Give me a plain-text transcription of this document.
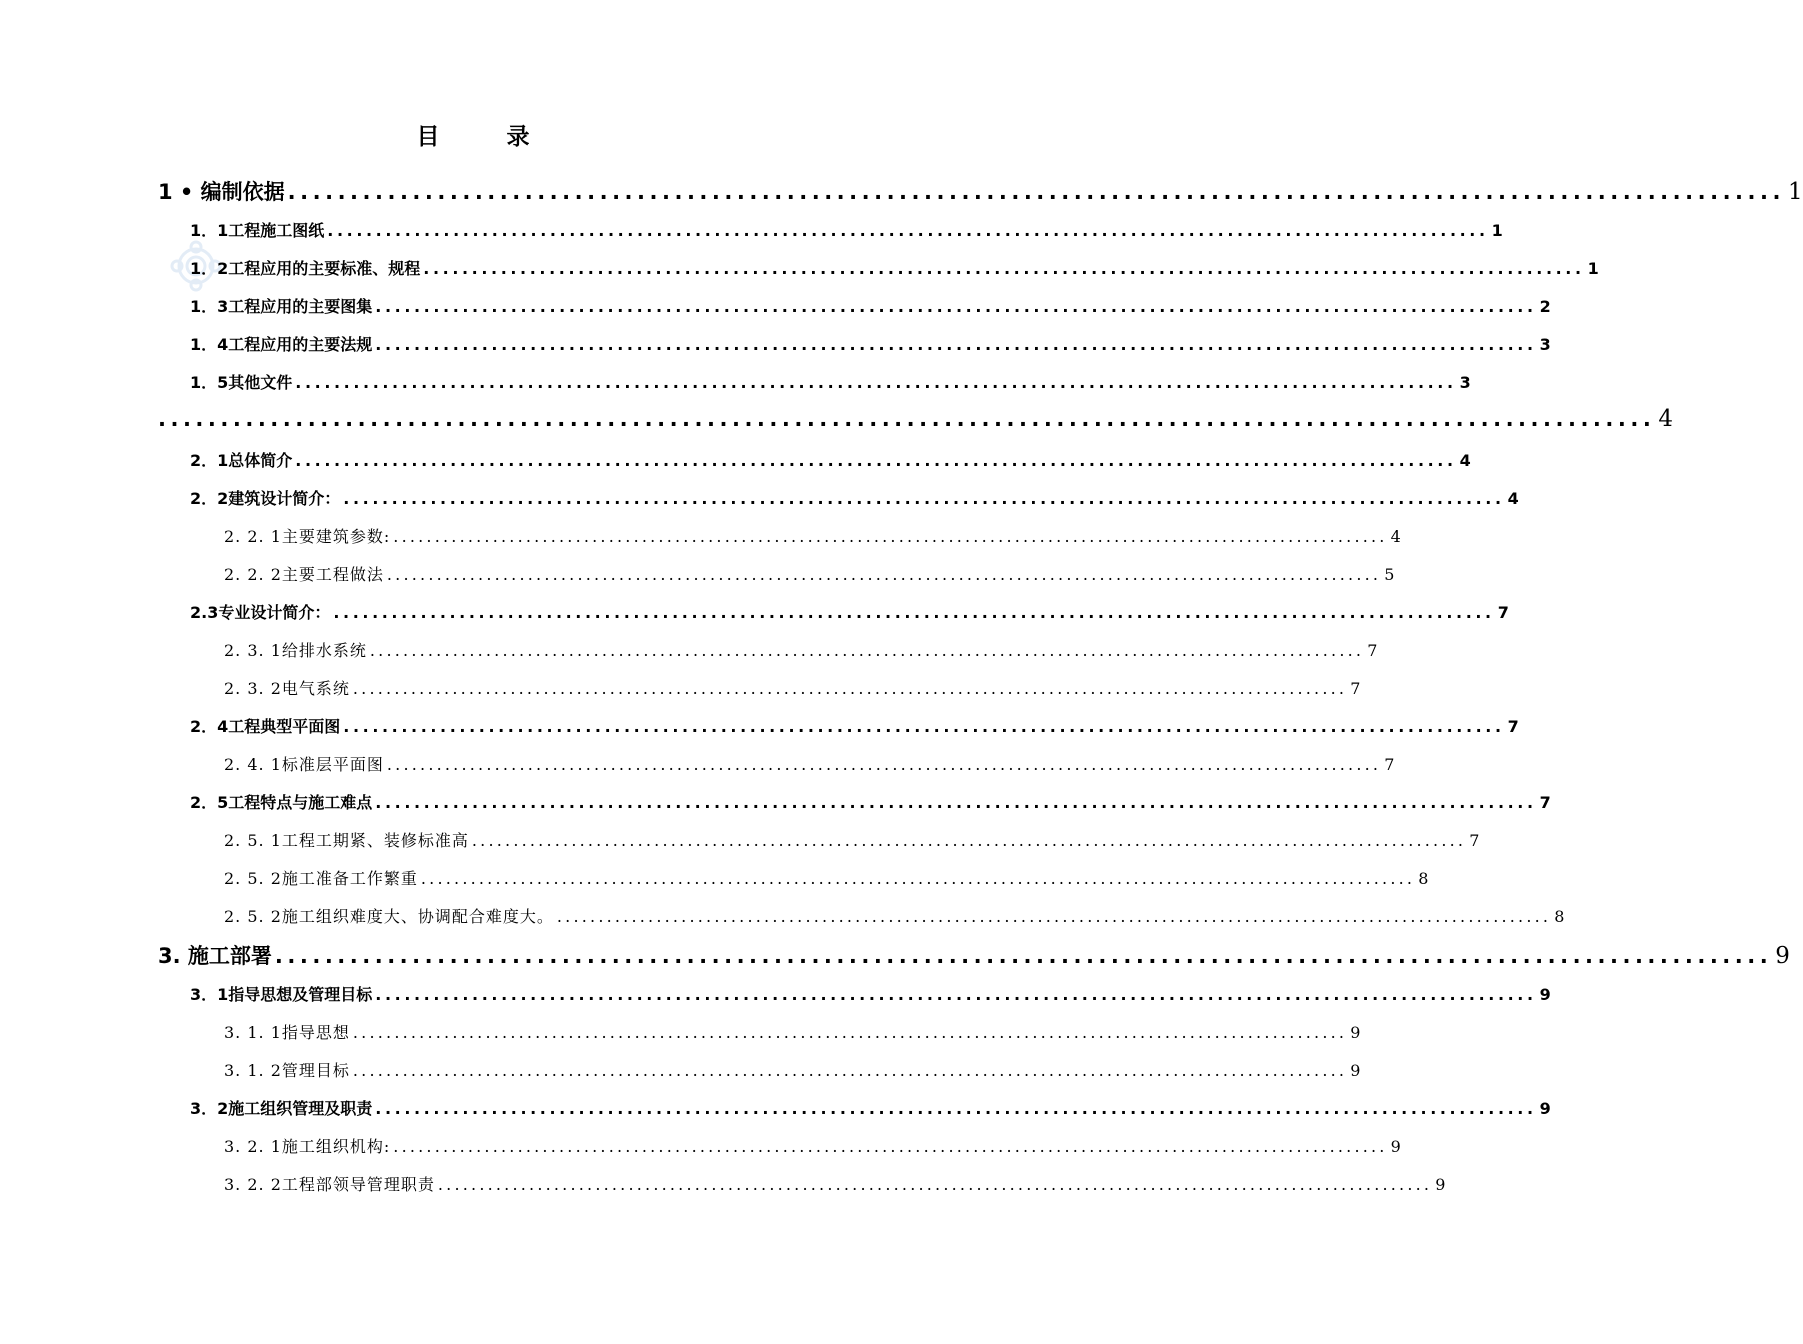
目　录
1 • 编制依据 ........................................................................................................................ 1
1．1工程施工图纸 ........................................................................................................................ 1
1．2工程应用的主要标准、规程 ........................................................................................................................ 1
1．3工程应用的主要图集 ........................................................................................................................ 2
1．4工程应用的主要法规 ........................................................................................................................ 3
1．5其他文件 ........................................................................................................................ 3
........................................................................................................................ 4
2．1总体简介 ........................................................................................................................ 4
2．2建筑设计简介： ........................................................................................................................ 4
2. 2. 1主要建筑参数: ........................................................................................................................ 4
2. 2. 2主要工程做法 ........................................................................................................................ 5
2.3专业设计简介： ........................................................................................................................ 7
2. 3. 1给排水系统 ........................................................................................................................ 7
2. 3. 2电气系统 ........................................................................................................................ 7
2．4工程典型平面图 ........................................................................................................................ 7
2. 4. 1标准层平面图 ........................................................................................................................ 7
2．5工程特点与施工难点 ........................................................................................................................ 7
2. 5. 1工程工期紧、装修标准高 ........................................................................................................................ 7
2. 5. 2施工准备工作繁重 ........................................................................................................................ 8
2. 5. 2施工组织难度大、协调配合难度大。 ........................................................................................................................ 8
3. 施工部署 ........................................................................................................................ 9
3．1指导思想及管理目标 ........................................................................................................................ 9
3. 1. 1指导思想 ........................................................................................................................ 9
3. 1. 2管理目标 ........................................................................................................................ 9
3．2施工组织管理及职责 ........................................................................................................................ 9
3. 2. 1施工组织机构: ........................................................................................................................ 9
3. 2. 2工程部领导管理职责 ........................................................................................................................ 9
